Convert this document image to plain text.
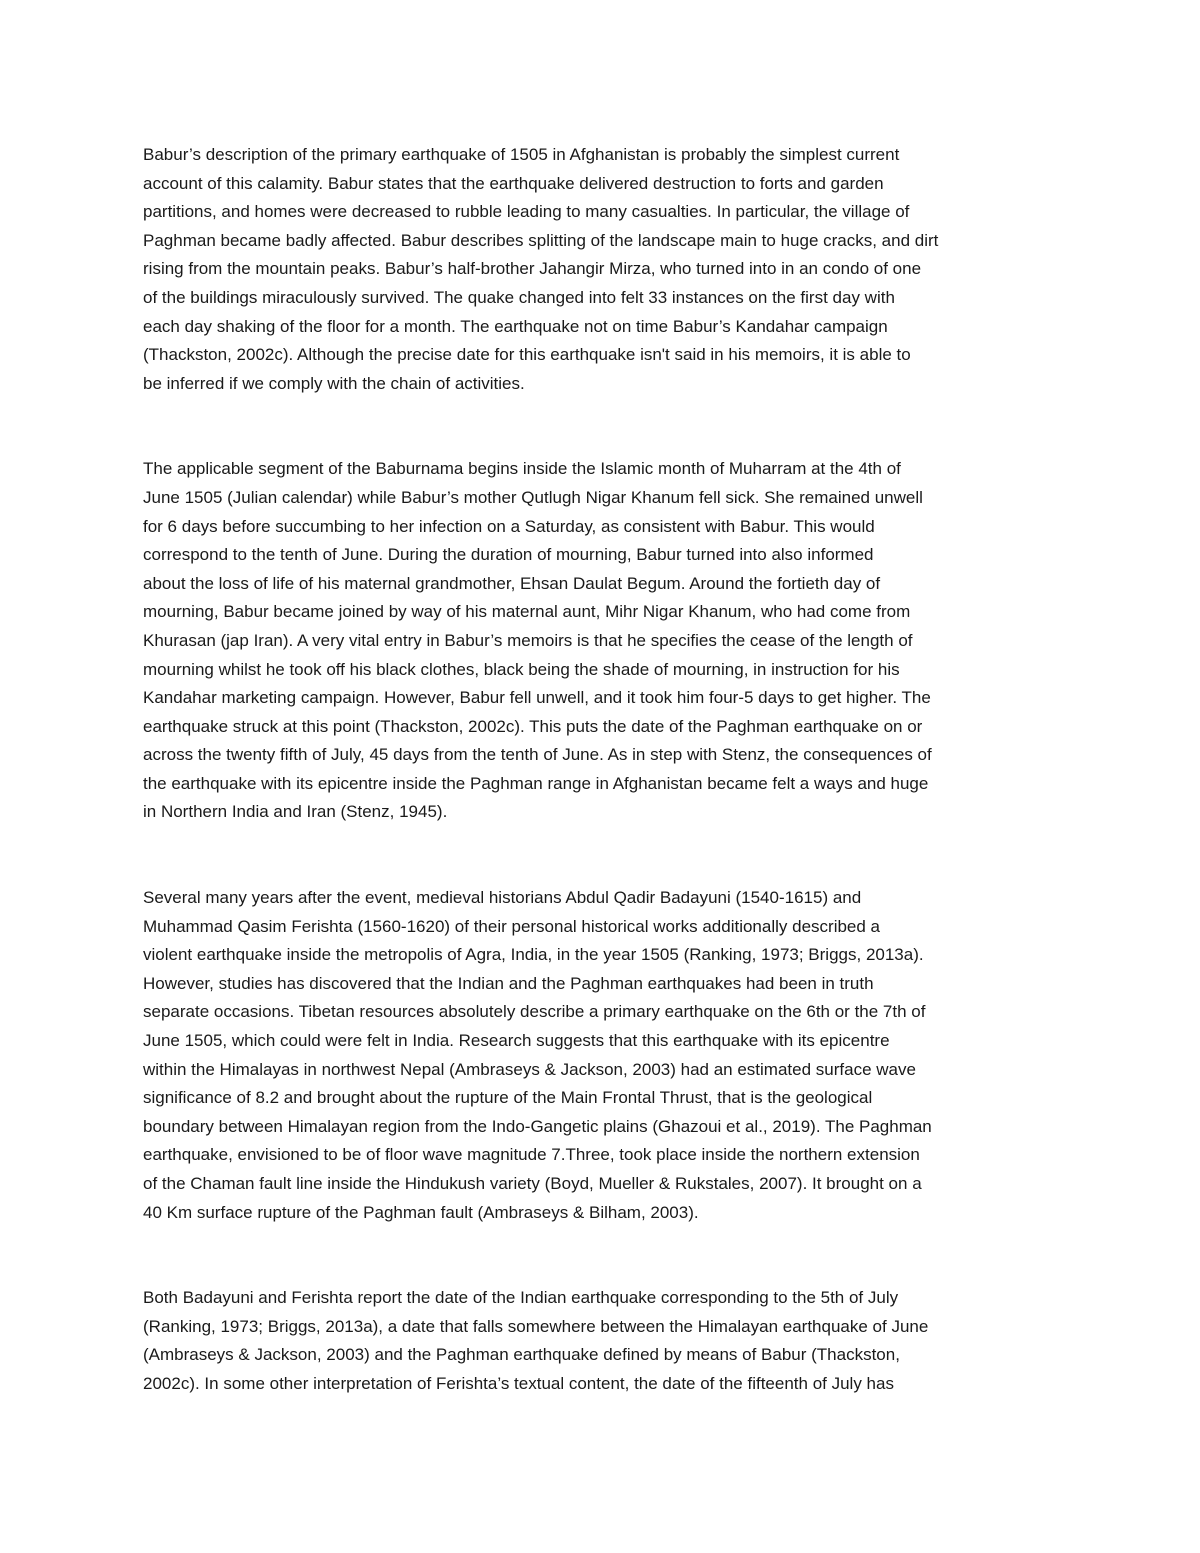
Babur’s description of the primary earthquake of 1505 in Afghanistan is probably the simplest current
account of this calamity. Babur states that the earthquake delivered destruction to forts and garden
partitions, and homes were decreased to rubble leading to many casualties. In particular, the village of
Paghman became badly affected. Babur describes splitting of the landscape main to huge cracks, and dirt
rising from the mountain peaks. Babur’s half-brother Jahangir Mirza, who turned into in an condo of one
of the buildings miraculously survived. The quake changed into felt 33 instances on the first day with
each day shaking of the floor for a month. The earthquake not on time Babur’s Kandahar campaign
(Thackston, 2002c). Although the precise date for this earthquake isn't said in his memoirs, it is able to
be inferred if we comply with the chain of activities.

The applicable segment of the Baburnama begins inside the Islamic month of Muharram at the 4th of
June 1505 (Julian calendar) while Babur’s mother Qutlugh Nigar Khanum fell sick. She remained unwell
for 6 days before succumbing to her infection on a Saturday, as consistent with Babur. This would
correspond to the tenth of June. During the duration of mourning, Babur turned into also informed
about the loss of life of his maternal grandmother, Ehsan Daulat Begum. Around the fortieth day of
mourning, Babur became joined by way of his maternal aunt, Mihr Nigar Khanum, who had come from
Khurasan (jap Iran). A very vital entry in Babur’s memoirs is that he specifies the cease of the length of
mourning whilst he took off his black clothes, black being the shade of mourning, in instruction for his
Kandahar marketing campaign. However, Babur fell unwell, and it took him four-5 days to get higher. The
earthquake struck at this point (Thackston, 2002c). This puts the date of the Paghman earthquake on or
across the twenty fifth of July, 45 days from the tenth of June. As in step with Stenz, the consequences of
the earthquake with its epicentre inside the Paghman range in Afghanistan became felt a ways and huge
in Northern India and Iran (Stenz, 1945).

Several many years after the event, medieval historians Abdul Qadir Badayuni (1540-1615) and
Muhammad Qasim Ferishta (1560-1620) of their personal historical works additionally described a
violent earthquake inside the metropolis of Agra, India, in the year 1505 (Ranking, 1973; Briggs, 2013a).
However, studies has discovered that the Indian and the Paghman earthquakes had been in truth
separate occasions. Tibetan resources absolutely describe a primary earthquake on the 6th or the 7th of
June 1505, which could were felt in India. Research suggests that this earthquake with its epicentre
within the Himalayas in northwest Nepal (Ambraseys & Jackson, 2003) had an estimated surface wave
significance of 8.2 and brought about the rupture of the Main Frontal Thrust, that is the geological
boundary between Himalayan region from the Indo-Gangetic plains (Ghazoui et al., 2019). The Paghman
earthquake, envisioned to be of floor wave magnitude 7.Three, took place inside the northern extension
of the Chaman fault line inside the Hindukush variety (Boyd, Mueller & Rukstales, 2007). It brought on a
40 Km surface rupture of the Paghman fault (Ambraseys & Bilham, 2003).

Both Badayuni and Ferishta report the date of the Indian earthquake corresponding to the 5th of July
(Ranking, 1973; Briggs, 2013a), a date that falls somewhere between the Himalayan earthquake of June
(Ambraseys & Jackson, 2003) and the Paghman earthquake defined by means of Babur (Thackston,
2002c). In some other interpretation of Ferishta’s textual content, the date of the fifteenth of July has
